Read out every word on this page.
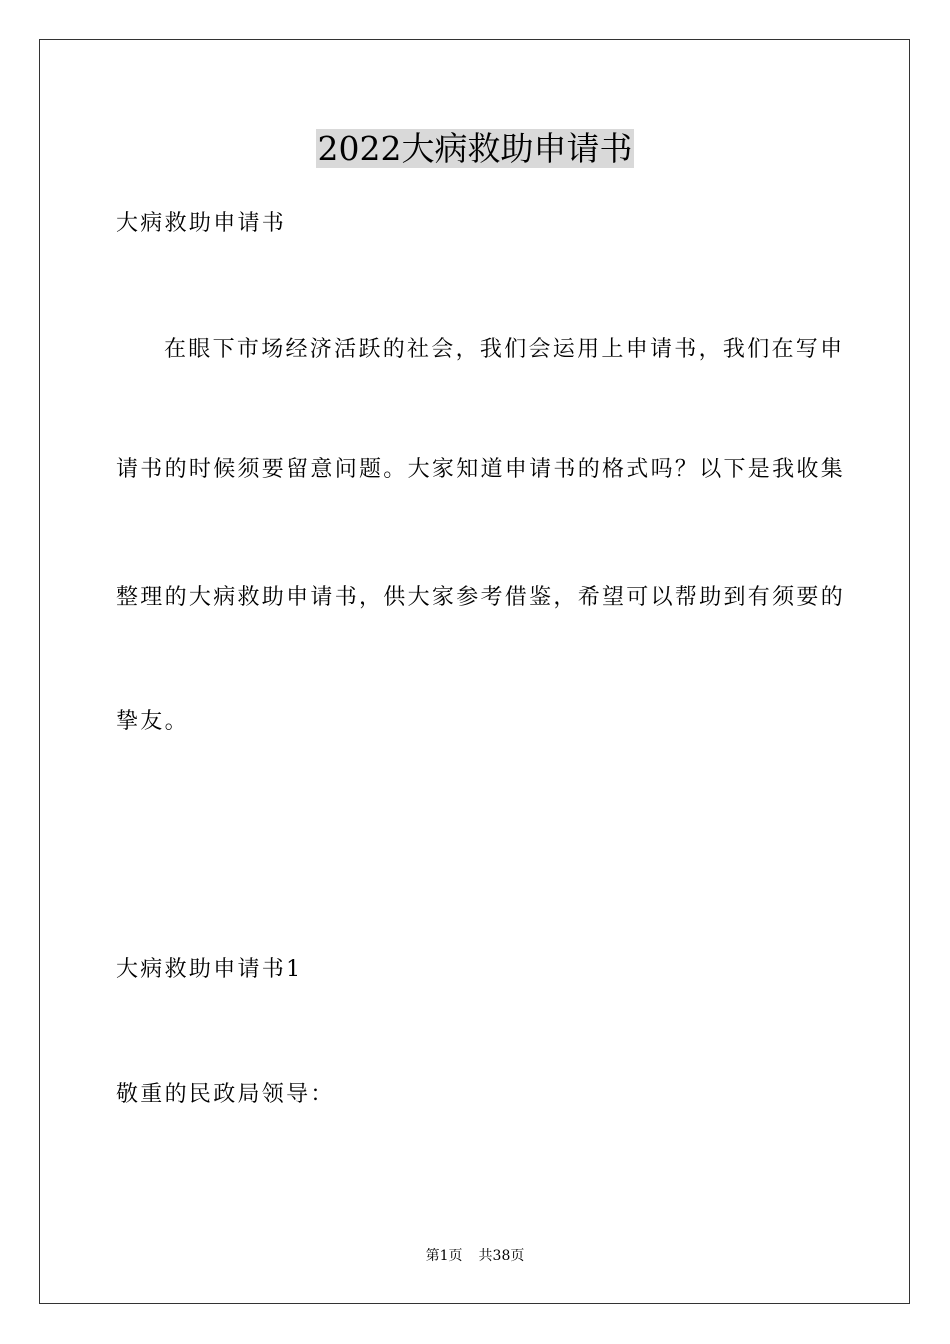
2022大病救助申请书
大病救助申请书
在眼下市场经济活跃的社会，我们会运用上申请书，我们在写申
请书的时候须要留意问题。大家知道申请书的格式吗？以下是我收集
整理的大病救助申请书，供大家参考借鉴，希望可以帮助到有须要的
挚友。
大病救助申请书1
敬重的民政局领导：
第1页 共38页
